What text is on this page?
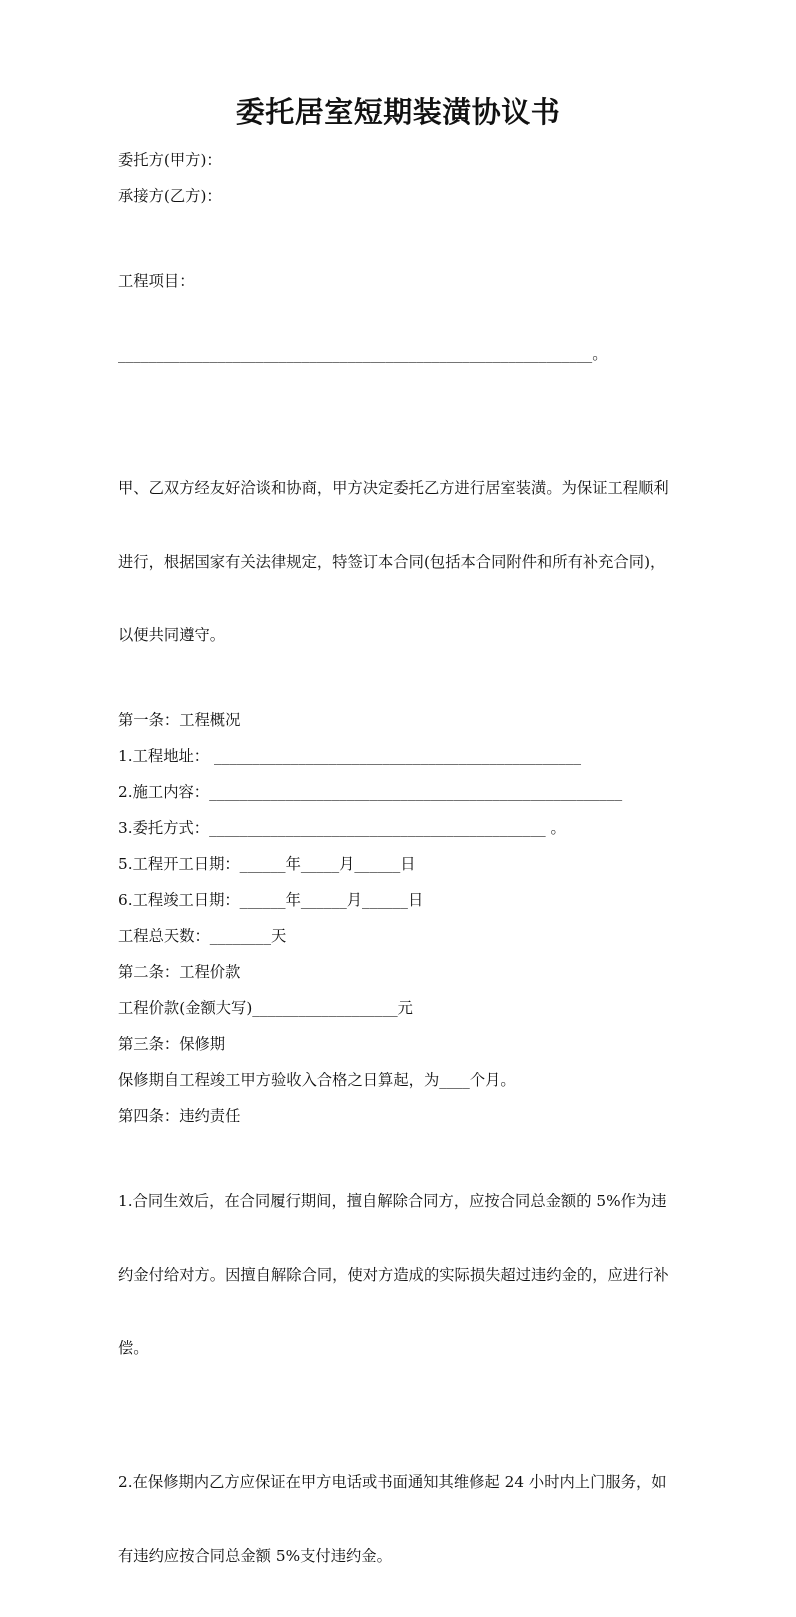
委托居室短期装潢协议书

委托方(甲方)：

承接方(乙方)：

工程项目：

______________________________________________________________。

甲、乙双方经友好洽谈和协商，甲方决定委托乙方进行居室装潢。为保证工程顺利

进行，根据国家有关法律规定，特签订本合同(包括本合同附件和所有补充合同)，

以便共同遵守。

第一条：工程概况

1.工程地址： ________________________________________________

2.施工内容：______________________________________________________

3.委托方式：____________________________________________ 。

5.工程开工日期：______年_____月______日

6.工程竣工日期：______年______月______日

工程总天数：________天

第二条：工程价款

工程价款(金额大写)___________________元

第三条：保修期

保修期自工程竣工甲方验收入合格之日算起，为____个月。

第四条：违约责任

1.合同生效后，在合同履行期间，擅自解除合同方，应按合同总金额的 5%作为违

约金付给对方。因擅自解除合同，使对方造成的实际损失超过违约金的，应进行补

偿。

2.在保修期内乙方应保证在甲方电话或书面通知其维修起 24 小时内上门服务，如

有违约应按合同总金额 5%支付违约金。
